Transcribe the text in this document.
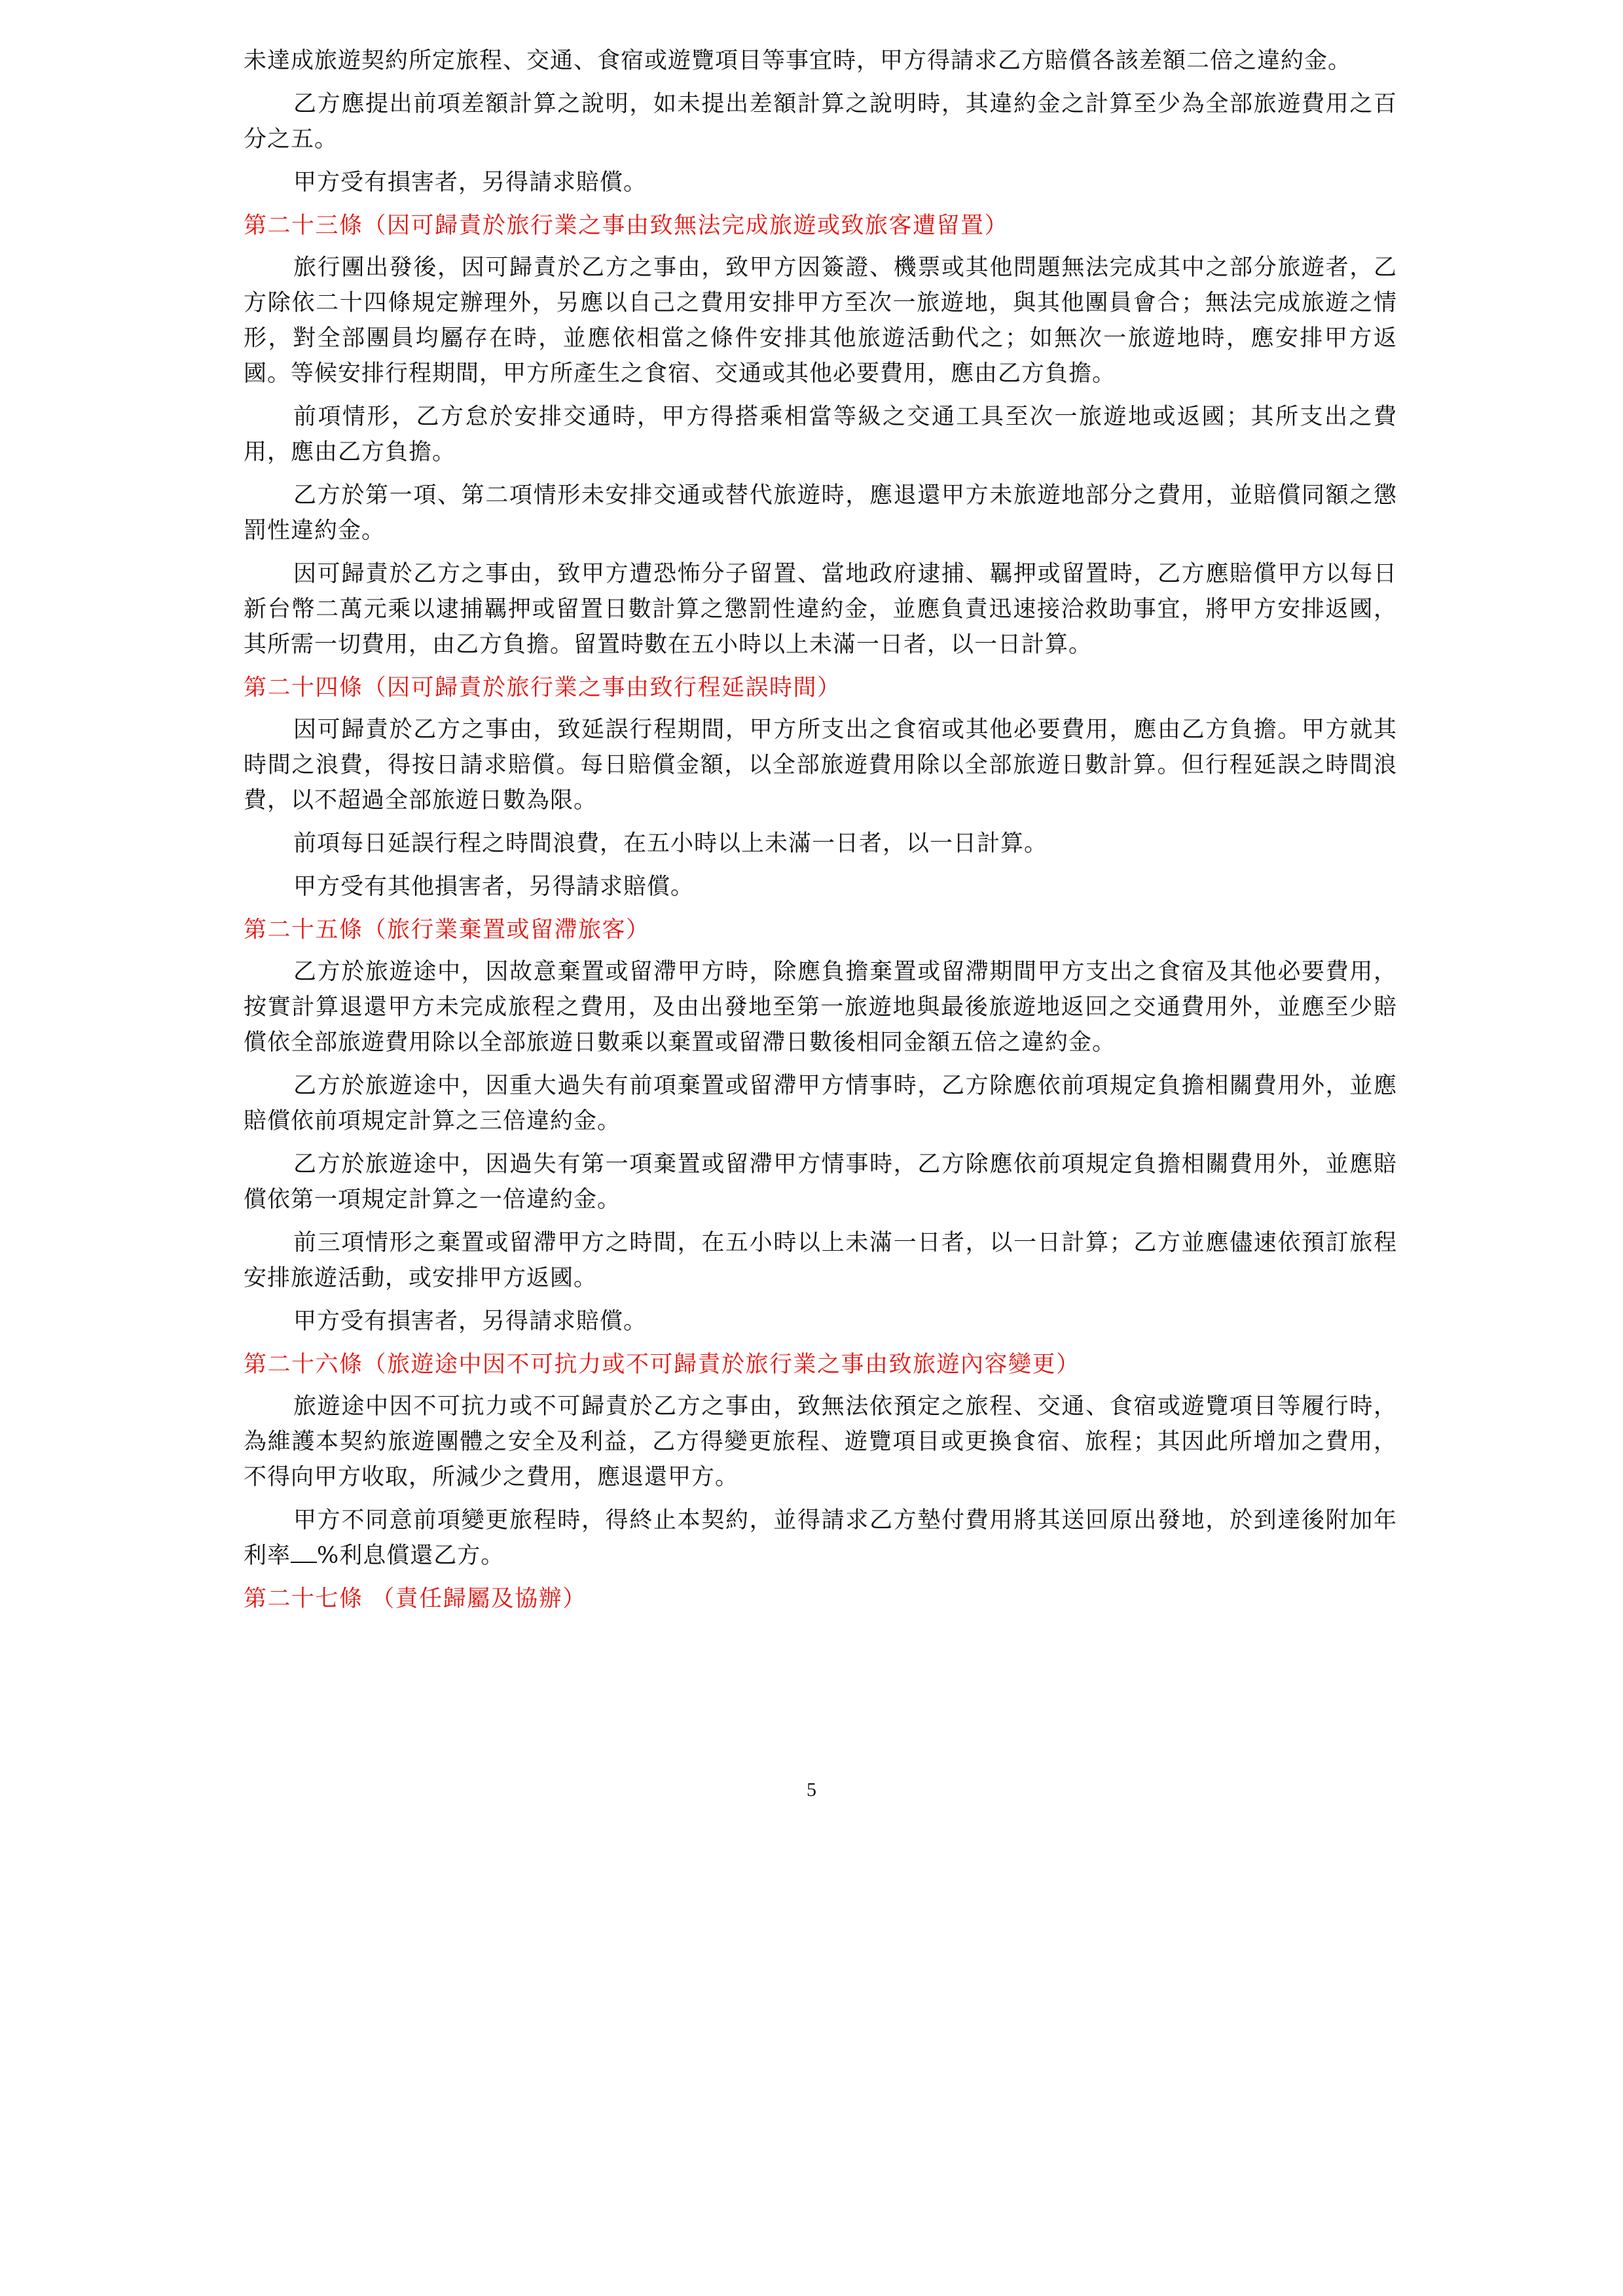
未達成旅遊契約所定旅程、交通、食宿或遊覽項目等事宜時，甲方得請求乙方賠償各該差額二倍之違約金。

乙方應提出前項差額計算之說明，如未提出差額計算之說明時，其違約金之計算至少為全部旅遊費用之百分之五。

甲方受有損害者，另得請求賠償。

第二十三條（因可歸責於旅行業之事由致無法完成旅遊或致旅客遭留置）

旅行團出發後，因可歸責於乙方之事由，致甲方因簽證、機票或其他問題無法完成其中之部分旅遊者，乙方除依二十四條規定辦理外，另應以自己之費用安排甲方至次一旅遊地，與其他團員會合；無法完成旅遊之情形，對全部團員均屬存在時，並應依相當之條件安排其他旅遊活動代之；如無次一旅遊地時，應安排甲方返國。等候安排行程期間，甲方所產生之食宿、交通或其他必要費用，應由乙方負擔。

前項情形，乙方怠於安排交通時，甲方得搭乘相當等級之交通工具至次一旅遊地或返國；其所支出之費用，應由乙方負擔。

乙方於第一項、第二項情形未安排交通或替代旅遊時，應退還甲方未旅遊地部分之費用，並賠償同額之懲罰性違約金。

因可歸責於乙方之事由，致甲方遭恐怖分子留置、當地政府逮捕、羈押或留置時，乙方應賠償甲方以每日新台幣二萬元乘以逮捕羈押或留置日數計算之懲罰性違約金，並應負責迅速接洽救助事宜，將甲方安排返國，其所需一切費用，由乙方負擔。留置時數在五小時以上未滿一日者，以一日計算。

第二十四條（因可歸責於旅行業之事由致行程延誤時間）

因可歸責於乙方之事由，致延誤行程期間，甲方所支出之食宿或其他必要費用，應由乙方負擔。甲方就其時間之浪費，得按日請求賠償。每日賠償金額，以全部旅遊費用除以全部旅遊日數計算。但行程延誤之時間浪費，以不超過全部旅遊日數為限。

前項每日延誤行程之時間浪費，在五小時以上未滿一日者，以一日計算。

甲方受有其他損害者，另得請求賠償。

第二十五條（旅行業棄置或留滯旅客）

乙方於旅遊途中，因故意棄置或留滯甲方時，除應負擔棄置或留滯期間甲方支出之食宿及其他必要費用，按實計算退還甲方未完成旅程之費用，及由出發地至第一旅遊地與最後旅遊地返回之交通費用外，並應至少賠償依全部旅遊費用除以全部旅遊日數乘以棄置或留滯日數後相同金額五倍之違約金。

乙方於旅遊途中，因重大過失有前項棄置或留滯甲方情事時，乙方除應依前項規定負擔相關費用外，並應賠償依前項規定計算之三倍違約金。

乙方於旅遊途中，因過失有第一項棄置或留滯甲方情事時，乙方除應依前項規定負擔相關費用外，並應賠償依第一項規定計算之一倍違約金。

前三項情形之棄置或留滯甲方之時間，在五小時以上未滿一日者，以一日計算；乙方並應儘速依預訂旅程安排旅遊活動，或安排甲方返國。

甲方受有損害者，另得請求賠償。

第二十六條（旅遊途中因不可抗力或不可歸責於旅行業之事由致旅遊內容變更）

旅遊途中因不可抗力或不可歸責於乙方之事由，致無法依預定之旅程、交通、食宿或遊覽項目等履行時，為維護本契約旅遊團體之安全及利益，乙方得變更旅程、遊覽項目或更換食宿、旅程；其因此所增加之費用，不得向甲方收取，所減少之費用，應退還甲方。

甲方不同意前項變更旅程時，得終止本契約，並得請求乙方墊付費用將其送回原出發地，於到達後附加年利率 %利息償還乙方。

第二十七條 （責任歸屬及協辦）

5
